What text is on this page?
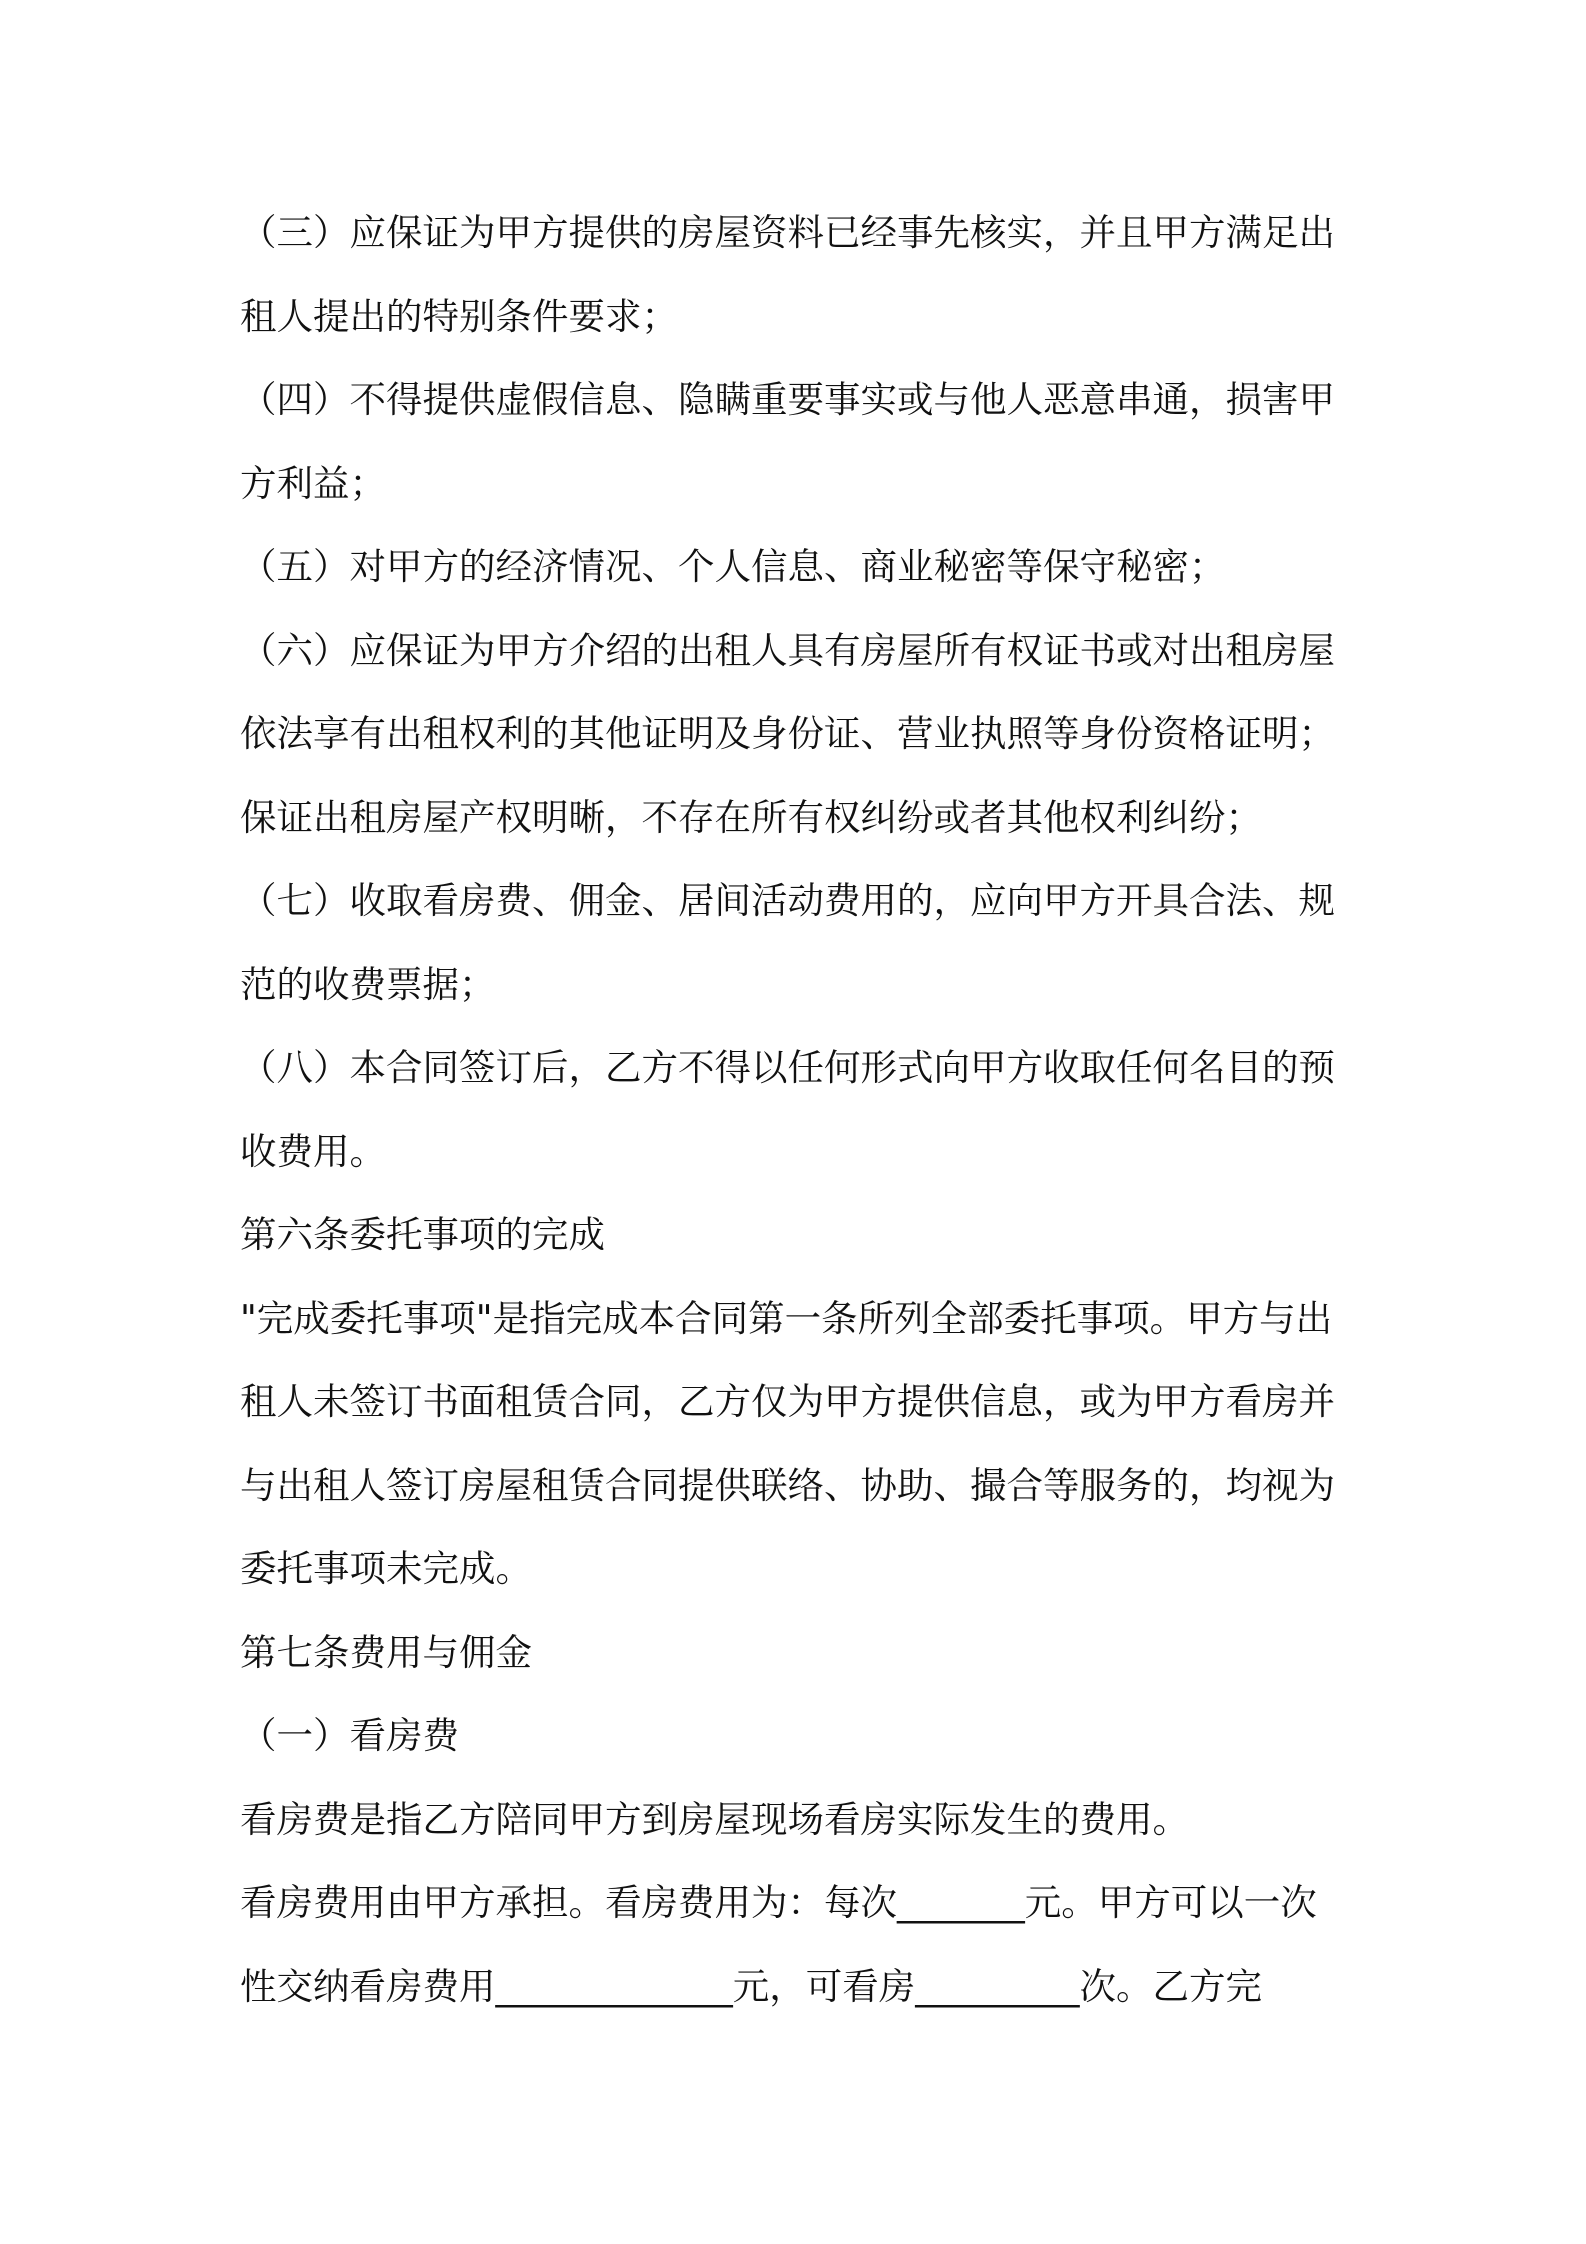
（三）应保证为甲方提供的房屋资料已经事先核实，并且甲方满足出
租人提出的特别条件要求；
（四）不得提供虚假信息、隐瞒重要事实或与他人恶意串通，损害甲
方利益；
（五）对甲方的经济情况、个人信息、商业秘密等保守秘密；
（六）应保证为甲方介绍的出租人具有房屋所有权证书或对出租房屋
依法享有出租权利的其他证明及身份证、营业执照等身份资格证明；
保证出租房屋产权明晰，不存在所有权纠纷或者其他权利纠纷；
（七）收取看房费、佣金、居间活动费用的，应向甲方开具合法、规
范的收费票据；
（八）本合同签订后，乙方不得以任何形式向甲方收取任何名目的预
收费用。
第六条委托事项的完成
"完成委托事项"是指完成本合同第一条所列全部委托事项。甲方与出
租人未签订书面租赁合同，乙方仅为甲方提供信息，或为甲方看房并
与出租人签订房屋租赁合同提供联络、协助、撮合等服务的，均视为
委托事项未完成。
第七条费用与佣金
（一）看房费
看房费是指乙方陪同甲方到房屋现场看房实际发生的费用。
看房费用由甲方承担。看房费用为：每次_______元。甲方可以一次
性交纳看房费用_____________元，可看房_________次。乙方完
